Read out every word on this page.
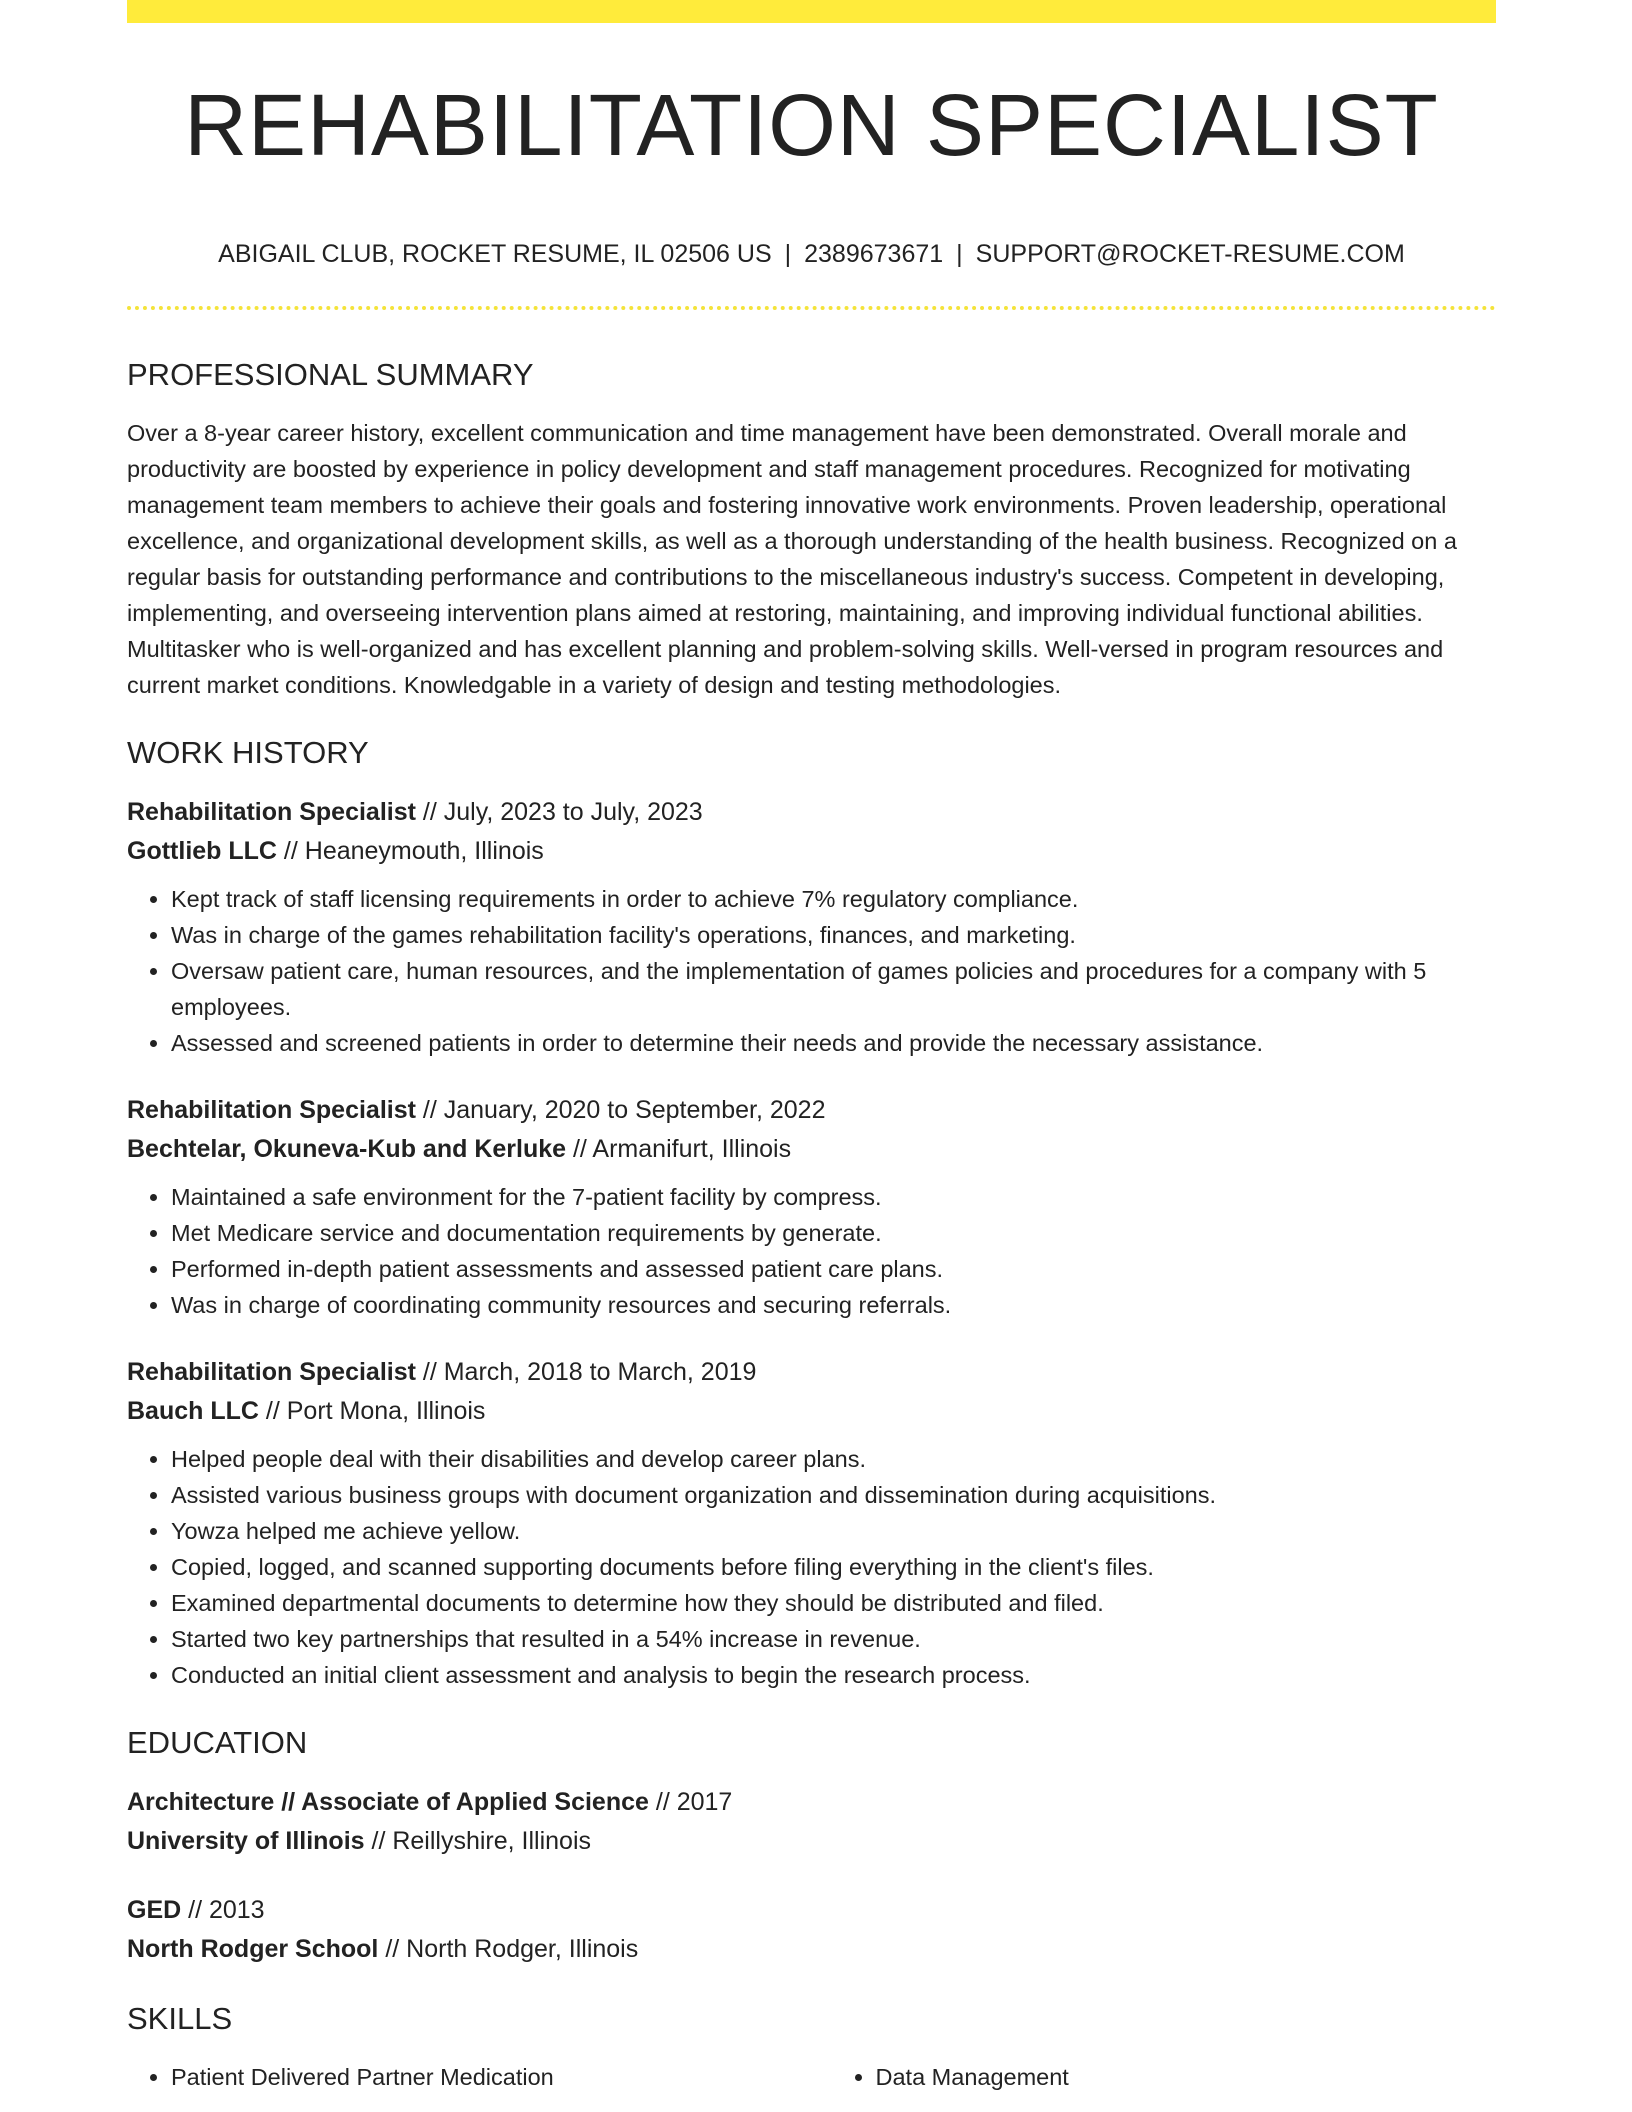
REHABILITATION SPECIALIST
ABIGAIL CLUB, ROCKET RESUME, IL 02506 US | 2389673671 | SUPPORT@ROCKET-RESUME.COM
PROFESSIONAL SUMMARY

Over a 8-year career history, excellent communication and time management have been demonstrated. Overall morale and productivity are boosted by experience in policy development and staff management procedures. Recognized for motivating management team members to achieve their goals and fostering innovative work environments. Proven leadership, operational excellence, and organizational development skills, as well as a thorough understanding of the health business. Recognized on a regular basis for outstanding performance and contributions to the miscellaneous industry's success. Competent in developing, implementing, and overseeing intervention plans aimed at restoring, maintaining, and improving individual functional abilities. Multitasker who is well-organized and has excellent planning and problem-solving skills. Well-versed in program resources and current market conditions. Knowledgable in a variety of design and testing methodologies.

WORK HISTORY
Rehabilitation Specialist // July, 2023 to July, 2023
Gottlieb LLC // Heaneymouth, Illinois
• Kept track of staff licensing requirements in order to achieve 7% regulatory compliance.
• Was in charge of the games rehabilitation facility's operations, finances, and marketing.
• Oversaw patient care, human resources, and the implementation of games policies and procedures for a company with 5 employees.
• Assessed and screened patients in order to determine their needs and provide the necessary assistance.
Rehabilitation Specialist // January, 2020 to September, 2022
Bechtelar, Okuneva-Kub and Kerluke // Armanifurt, Illinois
• Maintained a safe environment for the 7-patient facility by compress.
• Met Medicare service and documentation requirements by generate.
• Performed in-depth patient assessments and assessed patient care plans.
• Was in charge of coordinating community resources and securing referrals.
Rehabilitation Specialist // March, 2018 to March, 2019
Bauch LLC // Port Mona, Illinois
• Helped people deal with their disabilities and develop career plans.
• Assisted various business groups with document organization and dissemination during acquisitions.
• Yowza helped me achieve yellow.
• Copied, logged, and scanned supporting documents before filing everything in the client's files.
• Examined departmental documents to determine how they should be distributed and filed.
• Started two key partnerships that resulted in a 54% increase in revenue.
• Conducted an initial client assessment and analysis to begin the research process.
EDUCATION
Architecture // Associate of Applied Science // 2017
University of Illinois // Reillyshire, Illinois
GED // 2013
North Rodger School // North Rodger, Illinois
SKILLS
• Patient Delivered Partner Medication
•	Data Management
